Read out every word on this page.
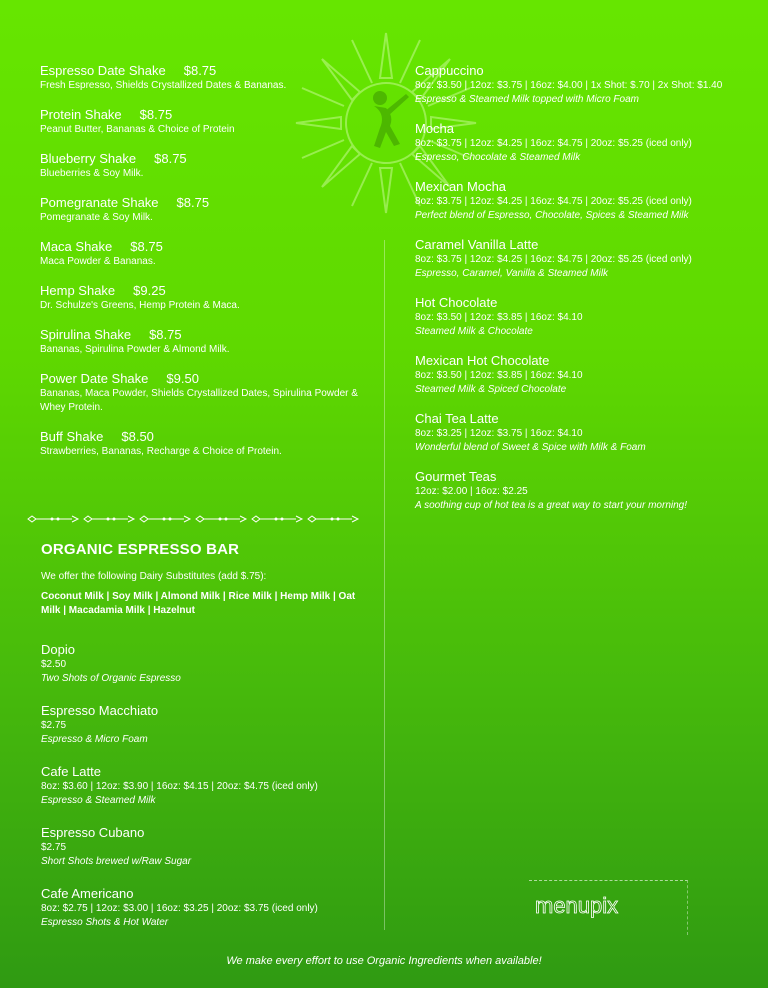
Espresso Date Shake $8.75
Fresh Espresso, Shields Crystallized Dates & Bananas.
Protein Shake $8.75
Peanut Butter, Bananas & Choice of Protein
Blueberry Shake $8.75
Blueberries & Soy Milk.
Pomegranate Shake $8.75
Pomegranate & Soy Milk.
Maca Shake $8.75
Maca Powder & Bananas.
Hemp Shake $9.25
Dr. Schulze's Greens, Hemp Protein & Maca.
Spirulina Shake $8.75
Bananas, Spirulina Powder & Almond Milk.
Power Date Shake $9.50
Bananas, Maca Powder, Shields Crystallized Dates, Spirulina Powder & Whey Protein.
Buff Shake $8.50
Strawberries, Bananas, Recharge & Choice of Protein.
ORGANIC ESPRESSO BAR
We offer the following Dairy Substitutes (add $.75):
Coconut Milk | Soy Milk | Almond Milk | Rice Milk | Hemp Milk | Oat Milk | Macadamia Milk | Hazelnut
Dopio
$2.50
Two Shots of Organic Espresso
Espresso Macchiato
$2.75
Espresso & Micro Foam
Cafe Latte
8oz: $3.60 | 12oz: $3.90 | 16oz: $4.15 | 20oz: $4.75 (iced only)
Espresso & Steamed Milk
Espresso Cubano
$2.75
Short Shots brewed w/Raw Sugar
Cafe Americano
8oz: $2.75 | 12oz: $3.00 | 16oz: $3.25 | 20oz: $3.75 (iced only)
Espresso Shots & Hot Water
Cappuccino
8oz: $3.50 | 12oz: $3.75 | 16oz: $4.00 | 1x Shot: $.70 | 2x Shot: $1.40
Espresso & Steamed Milk topped with Micro Foam
Mocha
8oz: $3.75 | 12oz: $4.25 | 16oz: $4.75 | 20oz: $5.25 (iced only)
Espresso, Chocolate & Steamed Milk
Mexican Mocha
8oz: $3.75 | 12oz: $4.25 | 16oz: $4.75 | 20oz: $5.25 (iced only)
Perfect blend of Espresso, Chocolate, Spices & Steamed Milk
Caramel Vanilla Latte
8oz: $3.75 | 12oz: $4.25 | 16oz: $4.75 | 20oz: $5.25 (iced only)
Espresso, Caramel, Vanilla & Steamed Milk
Hot Chocolate
8oz: $3.50 | 12oz: $3.85 | 16oz: $4.10
Steamed Milk & Chocolate
Mexican Hot Chocolate
8oz: $3.50 | 12oz: $3.85 | 16oz: $4.10
Steamed Milk & Spiced Chocolate
Chai Tea Latte
8oz: $3.25 | 12oz: $3.75 | 16oz: $4.10
Wonderful blend of Sweet & Spice with Milk & Foam
Gourmet Teas
12oz: $2.00 | 16oz: $2.25
A soothing cup of hot tea is a great way to start your morning!
menupix
We make every effort to use Organic Ingredients when available!
